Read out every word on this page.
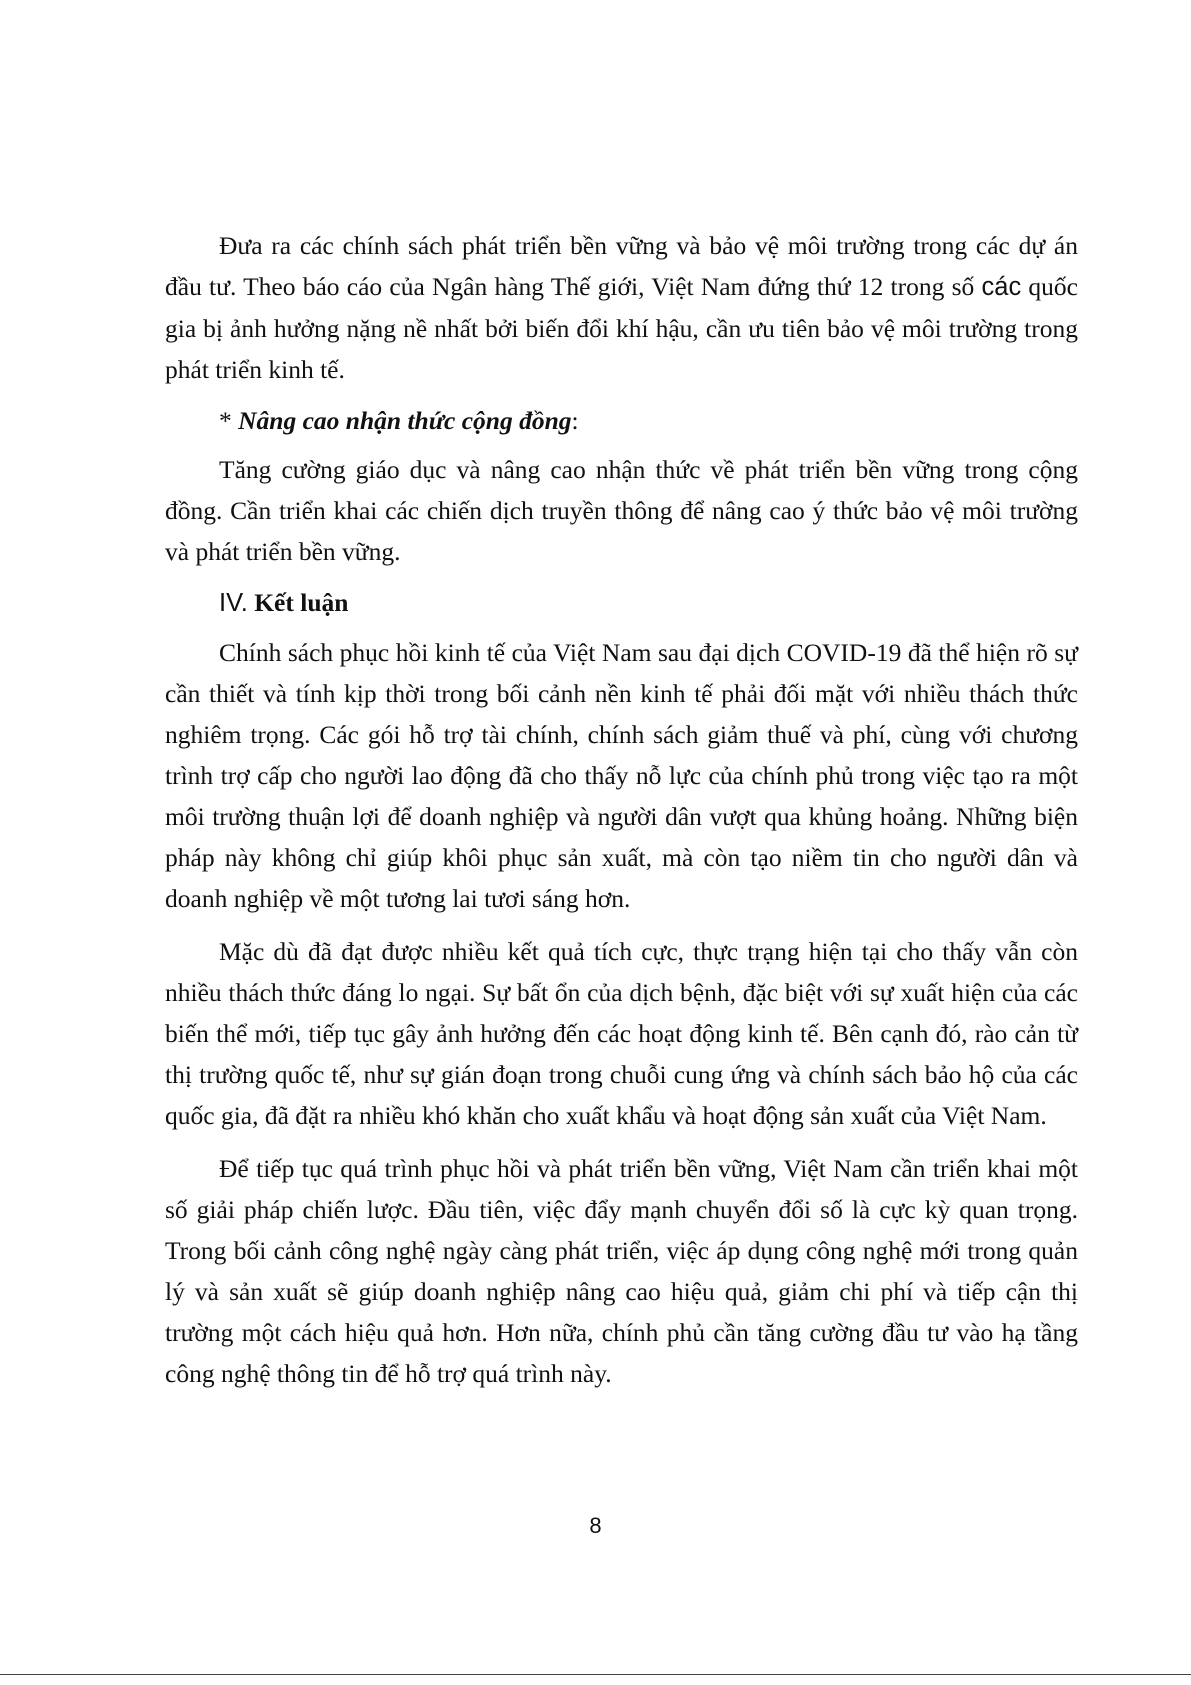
Đưa ra các chính sách phát triển bền vững và bảo vệ môi trường trong các dự án đầu tư. Theo báo cáo của Ngân hàng Thế giới, Việt Nam đứng thứ 12 trong số các quốc gia bị ảnh hưởng nặng nề nhất bởi biến đổi khí hậu, cần ưu tiên bảo vệ môi trường trong phát triển kinh tế.

* Nâng cao nhận thức cộng đồng:

Tăng cường giáo dục và nâng cao nhận thức về phát triển bền vững trong cộng đồng. Cần triển khai các chiến dịch truyền thông để nâng cao ý thức bảo vệ môi trường và phát triển bền vững.

IV. Kết luận

Chính sách phục hồi kinh tế của Việt Nam sau đại dịch COVID-19 đã thể hiện rõ sự cần thiết và tính kịp thời trong bối cảnh nền kinh tế phải đối mặt với nhiều thách thức nghiêm trọng. Các gói hỗ trợ tài chính, chính sách giảm thuế và phí, cùng với chương trình trợ cấp cho người lao động đã cho thấy nỗ lực của chính phủ trong việc tạo ra một môi trường thuận lợi để doanh nghiệp và người dân vượt qua khủng hoảng. Những biện pháp này không chỉ giúp khôi phục sản xuất, mà còn tạo niềm tin cho người dân và doanh nghiệp về một tương lai tươi sáng hơn.

Mặc dù đã đạt được nhiều kết quả tích cực, thực trạng hiện tại cho thấy vẫn còn nhiều thách thức đáng lo ngại. Sự bất ổn của dịch bệnh, đặc biệt với sự xuất hiện của các biến thể mới, tiếp tục gây ảnh hưởng đến các hoạt động kinh tế. Bên cạnh đó, rào cản từ thị trường quốc tế, như sự gián đoạn trong chuỗi cung ứng và chính sách bảo hộ của các quốc gia, đã đặt ra nhiều khó khăn cho xuất khẩu và hoạt động sản xuất của Việt Nam.

Để tiếp tục quá trình phục hồi và phát triển bền vững, Việt Nam cần triển khai một số giải pháp chiến lược. Đầu tiên, việc đẩy mạnh chuyển đổi số là cực kỳ quan trọng. Trong bối cảnh công nghệ ngày càng phát triển, việc áp dụng công nghệ mới trong quản lý và sản xuất sẽ giúp doanh nghiệp nâng cao hiệu quả, giảm chi phí và tiếp cận thị trường một cách hiệu quả hơn. Hơn nữa, chính phủ cần tăng cường đầu tư vào hạ tầng công nghệ thông tin để hỗ trợ quá trình này.

8
